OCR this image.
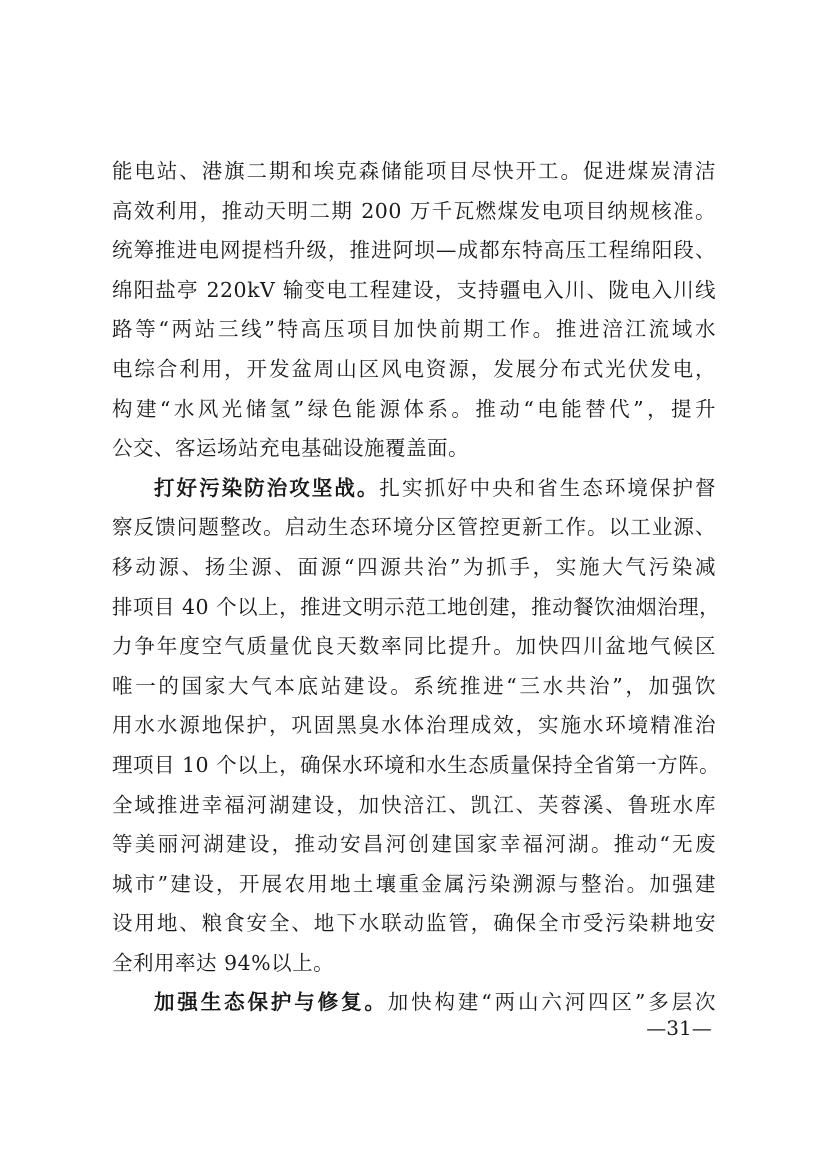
能电站、港旗二期和埃克森储能项目尽快开工。促进煤炭清洁
高效利用，推动天明二期 200 万千瓦燃煤发电项目纳规核准。
统筹推进电网提档升级，推进阿坝—成都东特高压工程绵阳段、
绵阳盐亭 220kV 输变电工程建设，支持疆电入川、陇电入川线
路等“两站三线”特高压项目加快前期工作。推进涪江流域水
电综合利用，开发盆周山区风电资源，发展分布式光伏发电，
构建“水风光储氢”绿色能源体系。推动“电能替代”，提升
公交、客运场站充电基础设施覆盖面。
打好污染防治攻坚战。扎实抓好中央和省生态环境保护督
察反馈问题整改。启动生态环境分区管控更新工作。以工业源、
移动源、扬尘源、面源“四源共治”为抓手，实施大气污染减
排项目 40 个以上，推进文明示范工地创建，推动餐饮油烟治理，
力争年度空气质量优良天数率同比提升。加快四川盆地气候区
唯一的国家大气本底站建设。系统推进“三水共治”，加强饮
用水水源地保护，巩固黑臭水体治理成效，实施水环境精准治
理项目 10 个以上，确保水环境和水生态质量保持全省第一方阵。
全域推进幸福河湖建设，加快涪江、凯江、芙蓉溪、鲁班水库
等美丽河湖建设，推动安昌河创建国家幸福河湖。推动“无废
城市”建设，开展农用地土壤重金属污染溯源与整治。加强建
设用地、粮食安全、地下水联动监管，确保全市受污染耕地安
全利用率达 94%以上。
加强生态保护与修复。加快构建“两山六河四区”多层次
—31—
